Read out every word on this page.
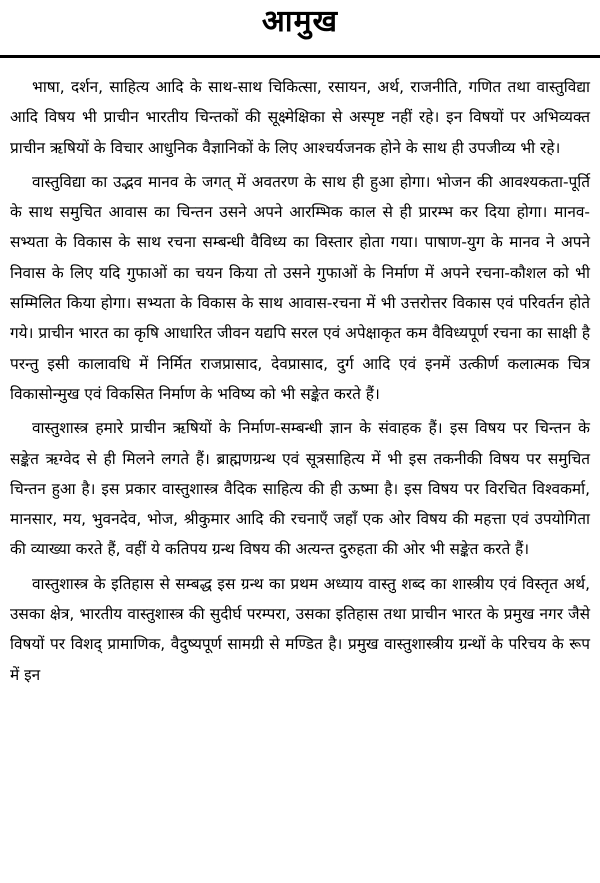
आमुख

भाषा, दर्शन, साहित्य आदि के साथ-साथ चिकित्सा, रसायन, अर्थ, राजनीति, गणित तथा वास्तुविद्या आदि विषय भी प्राचीन भारतीय चिन्तकों की सूक्ष्मेक्षिका से अस्पृष्ट नहीं रहे। इन विषयों पर अभिव्यक्त प्राचीन ऋषियों के विचार आधुनिक वैज्ञानिकों के लिए आश्चर्यजनक होने के साथ ही उपजीव्य भी रहे।

वास्तुविद्या का उद्भव मानव के जगत् में अवतरण के साथ ही हुआ होगा। भोजन की आवश्यकता-पूर्ति के साथ समुचित आवास का चिन्तन उसने अपने आरम्भिक काल से ही प्रारम्भ कर दिया होगा। मानव-सभ्यता के विकास के साथ रचना सम्बन्धी वैविध्य का विस्तार होता गया। पाषाण-युग के मानव ने अपने निवास के लिए यदि गुफाओं का चयन किया तो उसने गुफाओं के निर्माण में अपने रचना-कौशल को भी सम्मिलित किया होगा। सभ्यता के विकास के साथ आवास-रचना में भी उत्तरोत्तर विकास एवं परिवर्तन होते गये। प्राचीन भारत का कृषि आधारित जीवन यद्यपि सरल एवं अपेक्षाकृत कम वैविध्यपूर्ण रचना का साक्षी है परन्तु इसी कालावधि में निर्मित राजप्रासाद, देवप्रासाद, दुर्ग आदि एवं इनमें उत्कीर्ण कलात्मक चित्र विकासोन्मुख एवं विकसित निर्माण के भविष्य को भी सङ्केत करते हैं।

वास्तुशास्त्र हमारे प्राचीन ऋषियों के निर्माण-सम्बन्धी ज्ञान के संवाहक हैं। इस विषय पर चिन्तन के सङ्केत ऋग्वेद से ही मिलने लगते हैं। ब्राह्मणग्रन्थ एवं सूत्रसाहित्य में भी इस तकनीकी विषय पर समुचित चिन्तन हुआ है। इस प्रकार वास्तुशास्त्र वैदिक साहित्य की ही ऊष्मा है। इस विषय पर विरचित विश्वकर्मा, मानसार, मय, भुवनदेव, भोज, श्रीकुमार आदि की रचनाएँ जहाँ एक ओर विषय की महत्ता एवं उपयोगिता की व्याख्या करते हैं, वहीं ये कतिपय ग्रन्थ विषय की अत्यन्त दुरुहता की ओर भी सङ्केत करते हैं।

वास्तुशास्त्र के इतिहास से सम्बद्ध इस ग्रन्थ का प्रथम अध्याय वास्तु शब्द का शास्त्रीय एवं विस्तृत अर्थ, उसका क्षेत्र, भारतीय वास्तुशास्त्र की सुदीर्घ परम्परा, उसका इतिहास तथा प्राचीन भारत के प्रमुख नगर जैसे विषयों पर विशद् प्रामाणिक, वैदुष्यपूर्ण सामग्री से मण्डित है। प्रमुख वास्तुशास्त्रीय ग्रन्थों के परिचय के रूप में इन
